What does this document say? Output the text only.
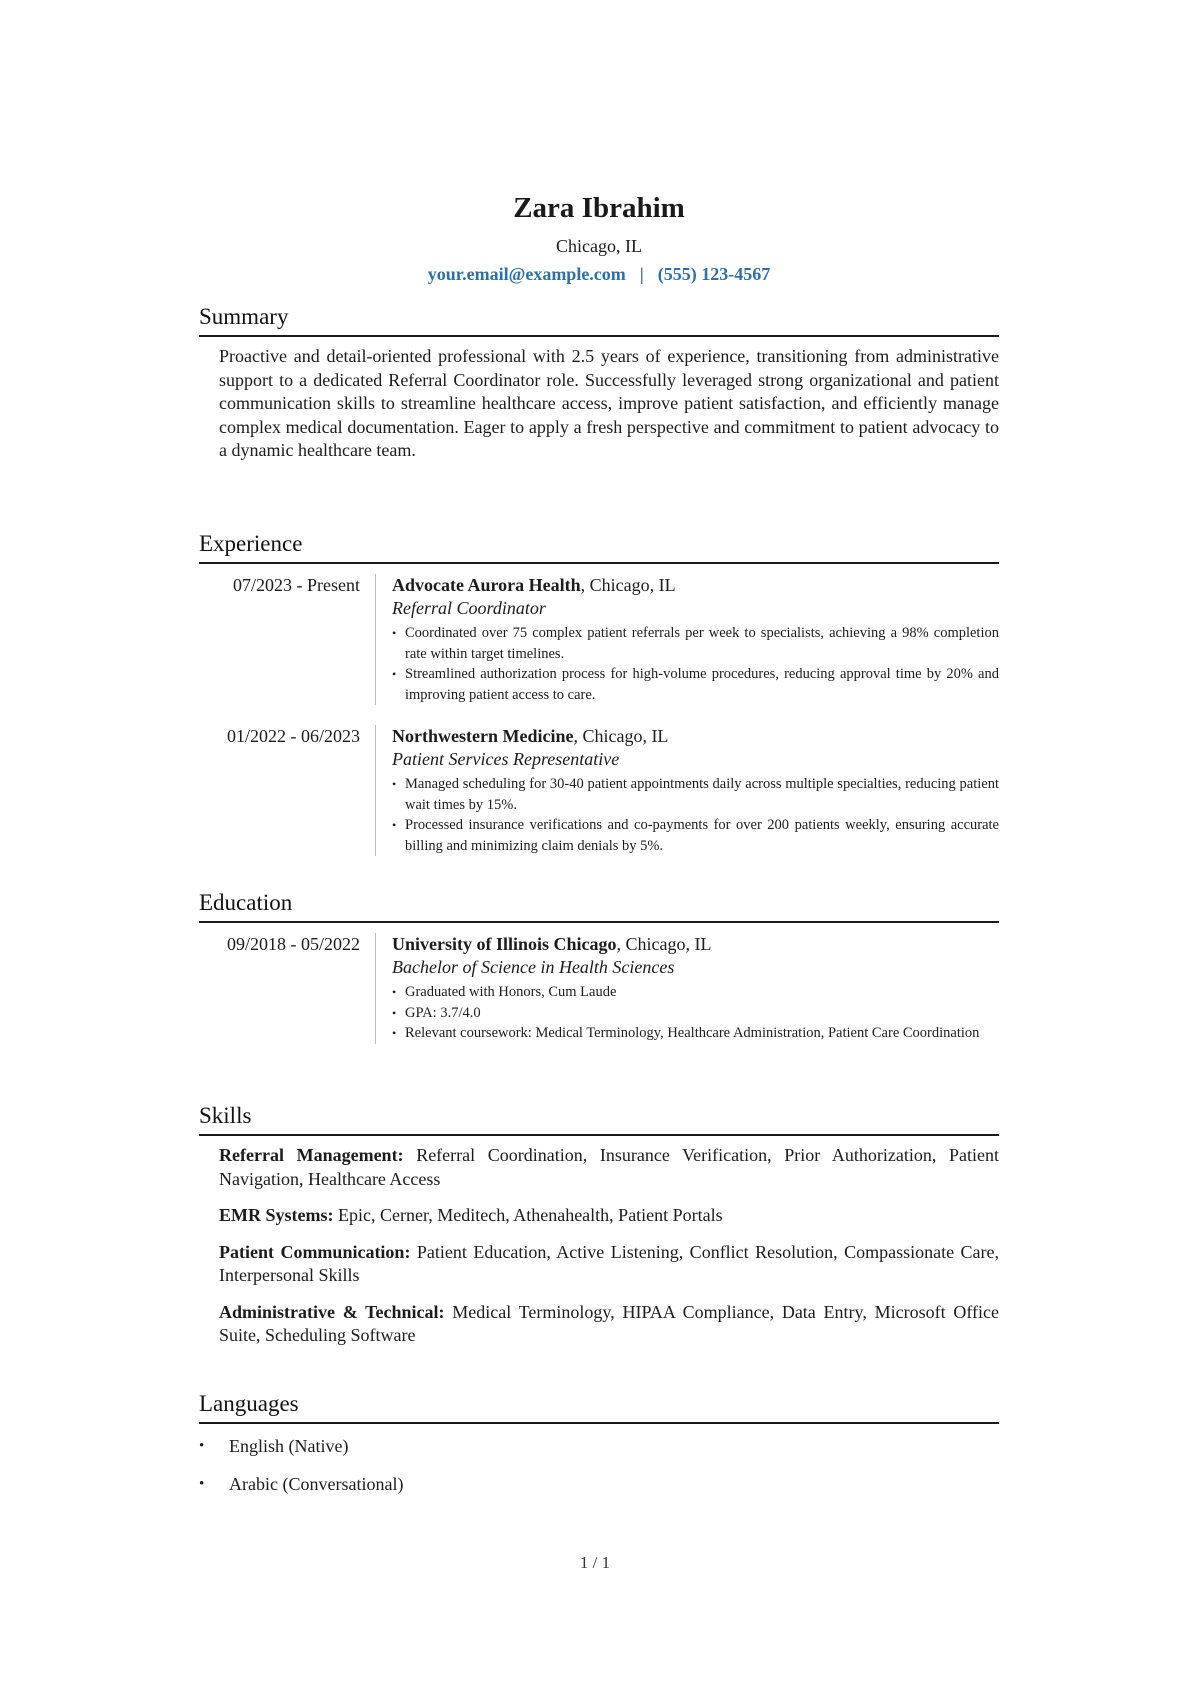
Zara Ibrahim
Chicago, IL
your.email@example.com | (555) 123-4567
Summary

Proactive and detail-oriented professional with 2.5 years of experience, transitioning from administrative support to a dedicated Referral Coordinator role. Successfully leveraged strong organizational and patient communication skills to streamline healthcare access, improve patient satisfaction, and efficiently manage complex medical documentation. Eager to apply a fresh perspective and commitment to patient advocacy to a dynamic healthcare team.

Experience
07/2023 - Present	Advocate Aurora Health, Chicago, IL
Referral Coordinator
• Coordinated over 75 complex patient referrals per week to specialists, achieving a 98% completion rate within target timelines.
• Streamlined authorization process for high-volume procedures, reducing approval time by 20% and improving patient access to care.
01/2022 - 06/2023	Northwestern Medicine, Chicago, IL
Patient Services Representative
• Managed scheduling for 30-40 patient appointments daily across multiple specialties, reducing patient wait times by 15%.
• Processed insurance verifications and co-payments for over 200 patients weekly, ensuring accurate billing and minimizing claim denials by 5%.
Education
09/2018 - 05/2022	University of Illinois Chicago, Chicago, IL
Bachelor of Science in Health Sciences
• Graduated with Honors, Cum Laude
• GPA: 3.7/4.0
• Relevant coursework: Medical Terminology, Healthcare Administration, Patient Care Coordination
Skills

Referral Management: Referral Coordination, Insurance Verification, Prior Authorization, Patient Navigation, Healthcare Access

EMR Systems: Epic, Cerner, Meditech, Athenahealth, Patient Portals

Patient Communication: Patient Education, Active Listening, Conflict Resolution, Compassionate Care, Interpersonal Skills

Administrative & Technical: Medical Terminology, HIPAA Compliance, Data Entry, Microsoft Office Suite, Scheduling Software

Languages
• English (Native)
• Arabic (Conversational)
1 / 1
